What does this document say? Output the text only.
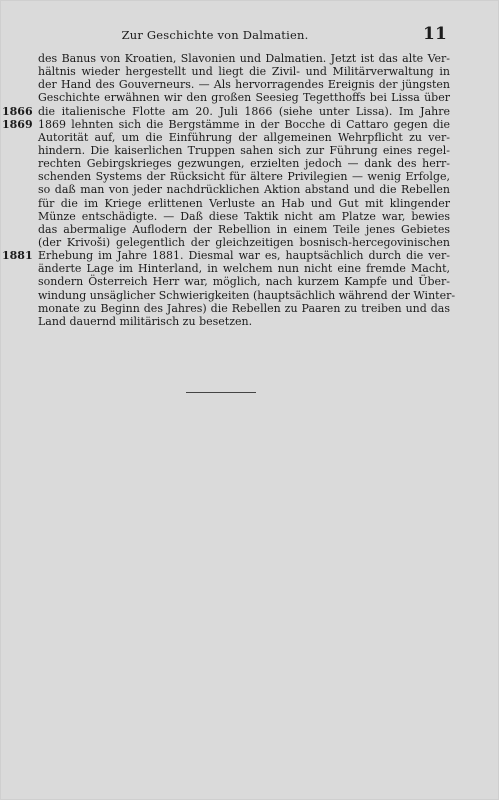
Zur Geschichte von Dalmatien.	11
1866
1869
1881
des Banus von Kroatien, Slavonien und Dalmatien. Jetzt ist das alte Ver-
hältnis wieder hergestellt und liegt die Zivil- und Militärverwaltung in
der Hand des Gouverneurs. — Als hervorragendes Ereignis der jüngsten
Geschichte erwähnen wir den großen Seesieg Tegetthoffs bei Lissa über
die italienische Flotte am 20. Juli 1866 (siehe unter Lissa). Im Jahre
1869 lehnten sich die Bergstämme in der Bocche di Cattaro gegen die
Autorität auf, um die Einführung der allgemeinen Wehrpflicht zu ver-
hindern. Die kaiserlichen Truppen sahen sich zur Führung eines regel-
rechten Gebirgskrieges gezwungen, erzielten jedoch — dank des herr-
schenden Systems der Rücksicht für ältere Privilegien — wenig Erfolge,
so daß man von jeder nachdrücklichen Aktion abstand und die Rebellen
für die im Kriege erlittenen Verluste an Hab und Gut mit klingender
Münze entschädigte. — Daß diese Taktik nicht am Platze war, bewies
das abermalige Auflodern der Rebellion in einem Teile jenes Gebietes
(der Krivoši) gelegentlich der gleichzeitigen bosnisch-hercegovinischen
Erhebung im Jahre 1881. Diesmal war es, hauptsächlich durch die ver-
änderte Lage im Hinterland, in welchem nun nicht eine fremde Macht,
sondern Österreich Herr war, möglich, nach kurzem Kampfe und Über-
windung unsäglicher Schwierigkeiten (hauptsächlich während der Winter-
monate zu Beginn des Jahres) die Rebellen zu Paaren zu treiben und das
Land dauernd militärisch zu besetzen.
